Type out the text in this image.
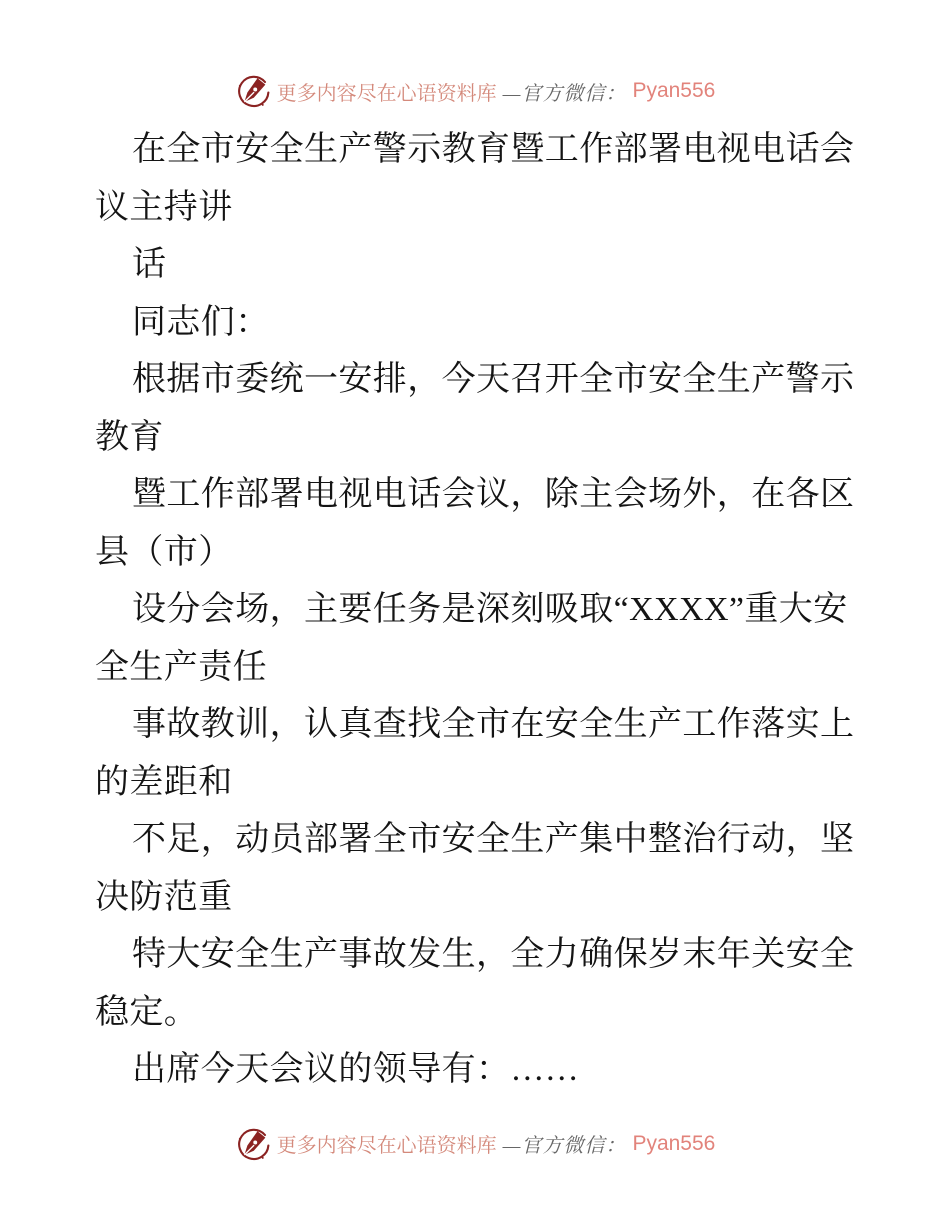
更多内容尽在心语资料库 —官方微信： Pyan556
在全市安全生产警示教育暨工作部署电视电话会
议主持讲
话
同志们：
根据市委统一安排，今天召开全市安全生产警示
教育
暨工作部署电视电话会议，除主会场外，在各区
县（市）
设分会场，主要任务是深刻吸取“XXXX”重大安
全生产责任
事故教训，认真查找全市在安全生产工作落实上
的差距和
不足，动员部署全市安全生产集中整治行动，坚
决防范重
特大安全生产事故发生，全力确保岁末年关安全
稳定。
出席今天会议的领导有：……
更多内容尽在心语资料库 —官方微信： Pyan556
